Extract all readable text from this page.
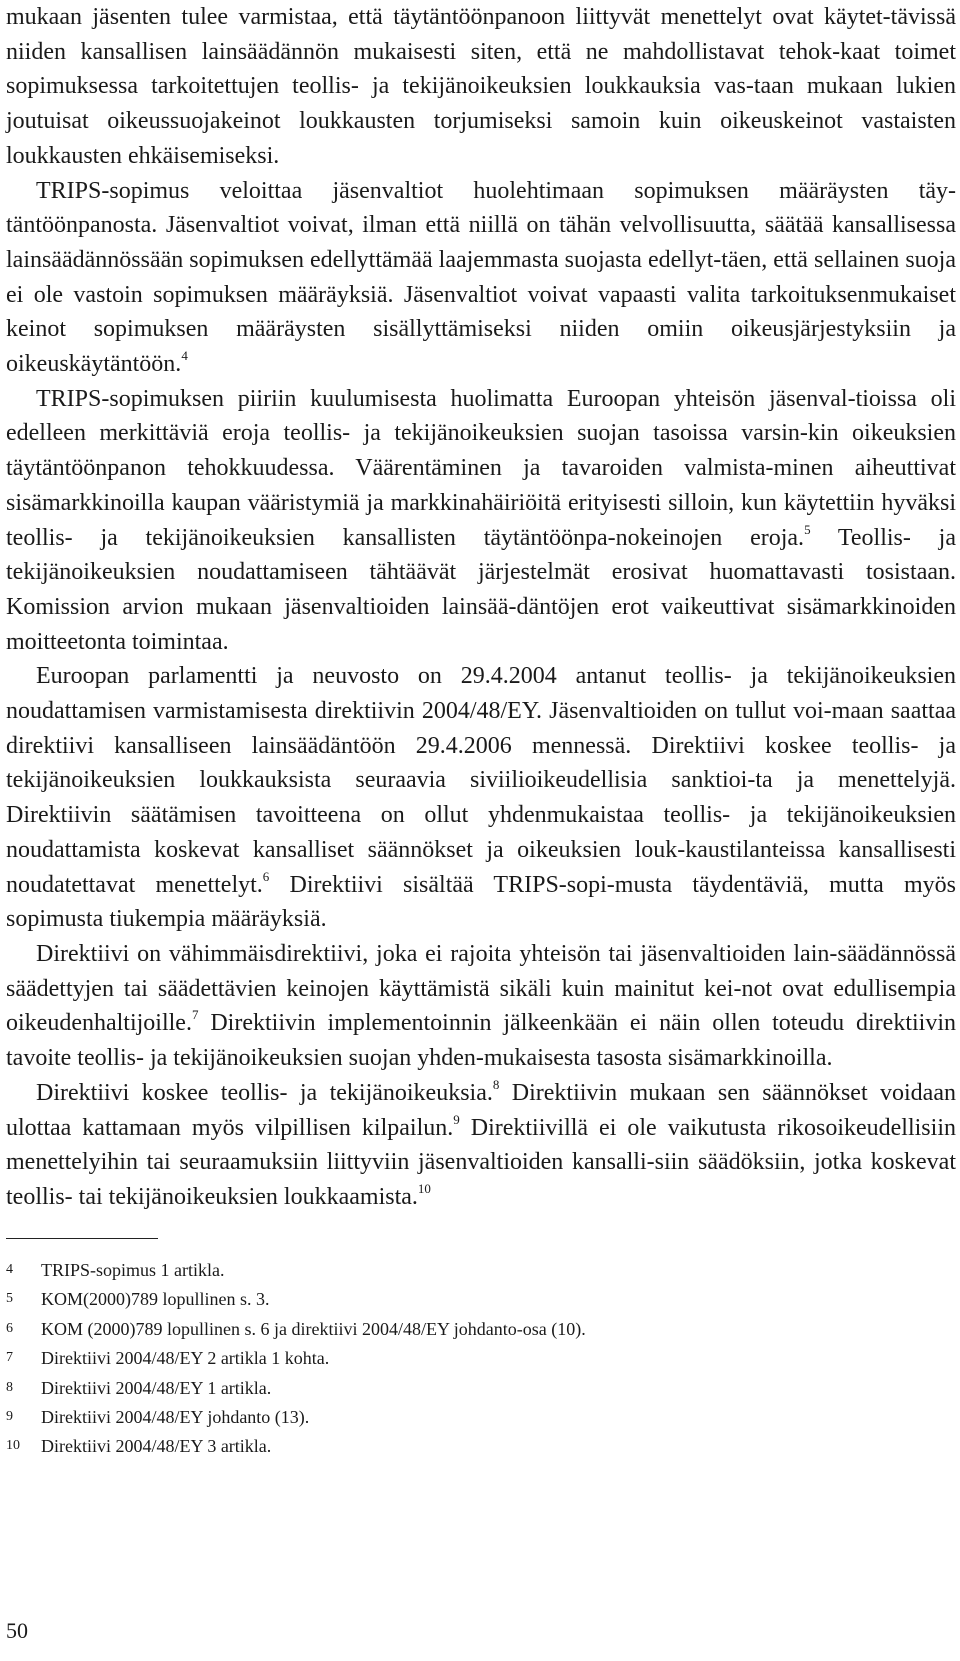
mukaan jäsenten tulee varmistaa, että täytäntöönpanoon liittyvät menettelyt ovat käytet-tävissä niiden kansallisen lainsäädännön mukaisesti siten, että ne mahdollistavat tehok-kaat toimet sopimuksessa tarkoitettujen teollis- ja tekijänoikeuksien loukkauksia vas-taan mukaan lukien joutuisat oikeussuojakeinot loukkausten torjumiseksi samoin kuin oikeuskeinot vastaisten loukkausten ehkäisemiseksi.

TRIPS-sopimus veloittaa jäsenvaltiot huolehtimaan sopimuksen määräysten täy-täntöönpanosta. Jäsenvaltiot voivat, ilman että niillä on tähän velvollisuutta, säätää kansallisessa lainsäädännössään sopimuksen edellyttämää laajemmasta suojasta edellyt-täen, että sellainen suoja ei ole vastoin sopimuksen määräyksiä. Jäsenvaltiot voivat vapaasti valita tarkoituksenmukaiset keinot sopimuksen määräysten sisällyttämiseksi niiden omiin oikeusjärjestyksiin ja oikeuskäytäntöön.$^4$

TRIPS-sopimuksen piiriin kuulumisesta huolimatta Euroopan yhteisön jäsenval-tioissa oli edelleen merkittäviä eroja teollis- ja tekijänoikeuksien suojan tasoissa varsin-kin oikeuksien täytäntöönpanon tehokkuudessa. Väärentäminen ja tavaroiden valmista-minen aiheuttivat sisämarkkinoilla kaupan vääristymiä ja markkinahäiriöitä erityisesti silloin, kun käytettiin hyväksi teollis- ja tekijänoikeuksien kansallisten täytäntöönpa-nokeinojen eroja.$^5$ Teollis- ja tekijänoikeuksien noudattamiseen tähtäävät järjestelmät erosivat huomattavasti tosistaan. Komission arvion mukaan jäsenvaltioiden lainsää-däntöjen erot vaikeuttivat sisämarkkinoiden moitteetonta toimintaa.

Euroopan parlamentti ja neuvosto on 29.4.2004 antanut teollis- ja tekijänoikeuksien noudattamisen varmistamisesta direktiivin 2004/48/EY. Jäsenvaltioiden on tullut voi-maan saattaa direktiivi kansalliseen lainsäädäntöön 29.4.2006 mennessä. Direktiivi koskee teollis- ja tekijänoikeuksien loukkauksista seuraavia siviilioikeudellisia sanktioi-ta ja menettelyjä. Direktiivin säätämisen tavoitteena on ollut yhdenmukaistaa teollis- ja tekijänoikeuksien noudattamista koskevat kansalliset säännökset ja oikeuksien louk-kaustilanteissa kansallisesti noudatettavat menettelyt.$^6$ Direktiivi sisältää TRIPS-sopi-musta täydentäviä, mutta myös sopimusta tiukempia määräyksiä.

Direktiivi on vähimmäisdirektiivi, joka ei rajoita yhteisön tai jäsenvaltioiden lain-säädännössä säädettyjen tai säädettävien keinojen käyttämistä sikäli kuin mainitut kei-not ovat edullisempia oikeudenhaltijoille.$^7$ Direktiivin implementoinnin jälkeenkään ei näin ollen toteudu direktiivin tavoite teollis- ja tekijänoikeuksien suojan yhden-mukaisesta tasosta sisämarkkinoilla.

Direktiivi koskee teollis- ja tekijänoikeuksia.$^8$ Direktiivin mukaan sen säännökset voidaan ulottaa kattamaan myös vilpillisen kilpailun.$^9$ Direktiivillä ei ole vaikutusta rikosoikeudellisiin menettelyihin tai seuraamuksiin liittyviin jäsenvaltioiden kansalli-siin säädöksiin, jotka koskevat teollis- tai tekijänoikeuksien loukkaamista.$^{10}$

4	TRIPS-sopimus 1 artikla.
5	KOM(2000)789 lopullinen s. 3.
6	KOM (2000)789 lopullinen s. 6 ja direktiivi 2004/48/EY johdanto-osa (10).
7	Direktiivi 2004/48/EY 2 artikla 1 kohta.
8	Direktiivi 2004/48/EY 1 artikla.
9	Direktiivi 2004/48/EY johdanto (13).
10	Direktiivi 2004/48/EY 3 artikla.
50
